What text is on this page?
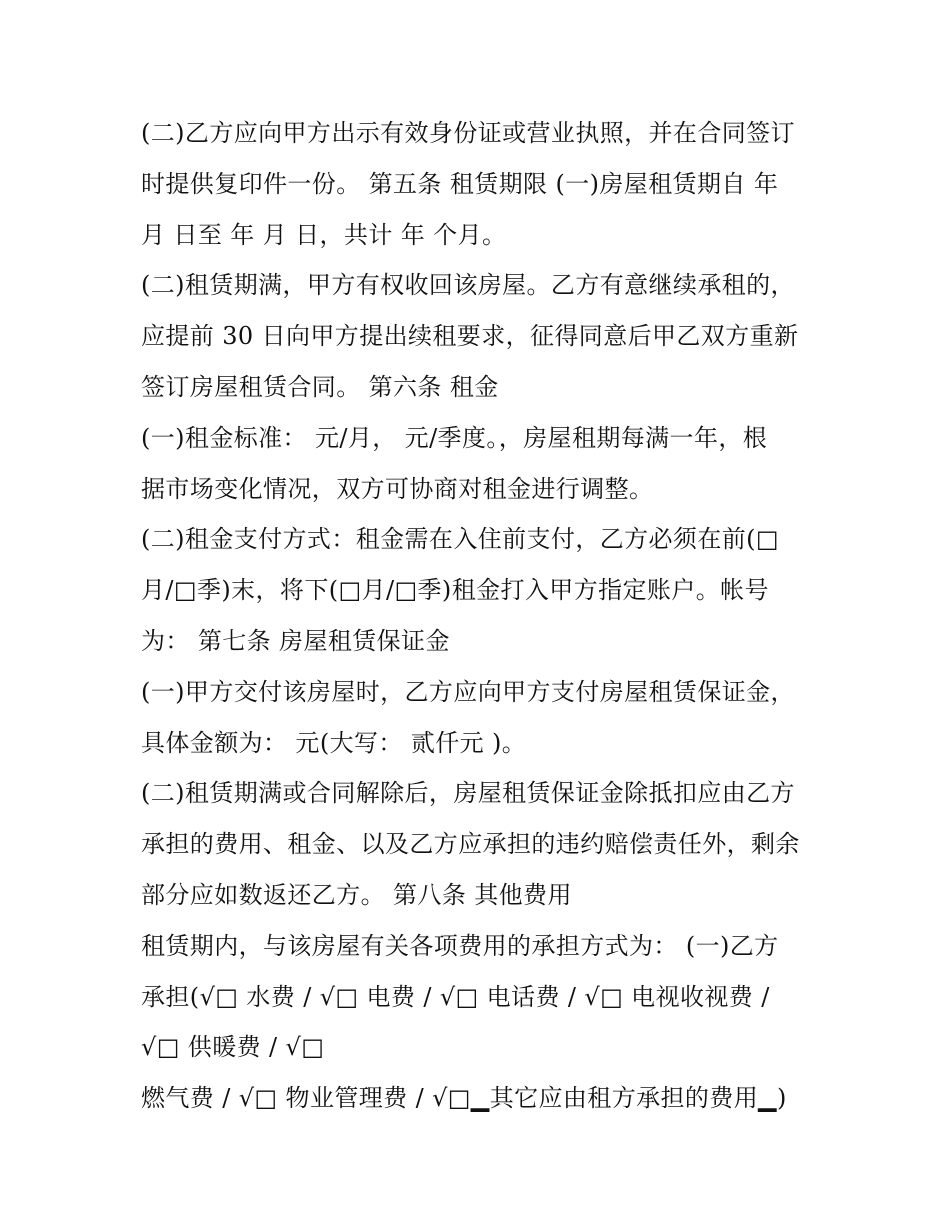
(二)乙方应向甲方出示有效身份证或营业执照，并在合同签订
时提供复印件一份。 第五条 租赁期限 (一)房屋租赁期自 年
月 日至 年 月 日，共计 年 个月。
(二)租赁期满，甲方有权收回该房屋。乙方有意继续承租的，
应提前 30 日向甲方提出续租要求，征得同意后甲乙双方重新
签订房屋租赁合同。 第六条 租金
(一)租金标准： 元/月， 元/季度。，房屋租期每满一年，根
据市场变化情况，双方可协商对租金进行调整。
(二)租金支付方式：租金需在入住前支付，乙方必须在前(□
月/□季)末，将下(□月/□季)租金打入甲方指定账户。帐号
为： 第七条 房屋租赁保证金
(一)甲方交付该房屋时，乙方应向甲方支付房屋租赁保证金，
具体金额为： 元(大写： 贰仟元 )。
(二)租赁期满或合同解除后，房屋租赁保证金除抵扣应由乙方
承担的费用、租金、以及乙方应承担的违约赔偿责任外，剩余
部分应如数返还乙方。 第八条 其他费用
租赁期内，与该房屋有关各项费用的承担方式为： (一)乙方
承担(√□ 水费 / √□ 电费 / √□ 电话费 / √□ 电视收视费 /
√□ 供暖费 / √□
燃气费 / √□ 物业管理费 / √□▁其它应由租方承担的费用▁)
